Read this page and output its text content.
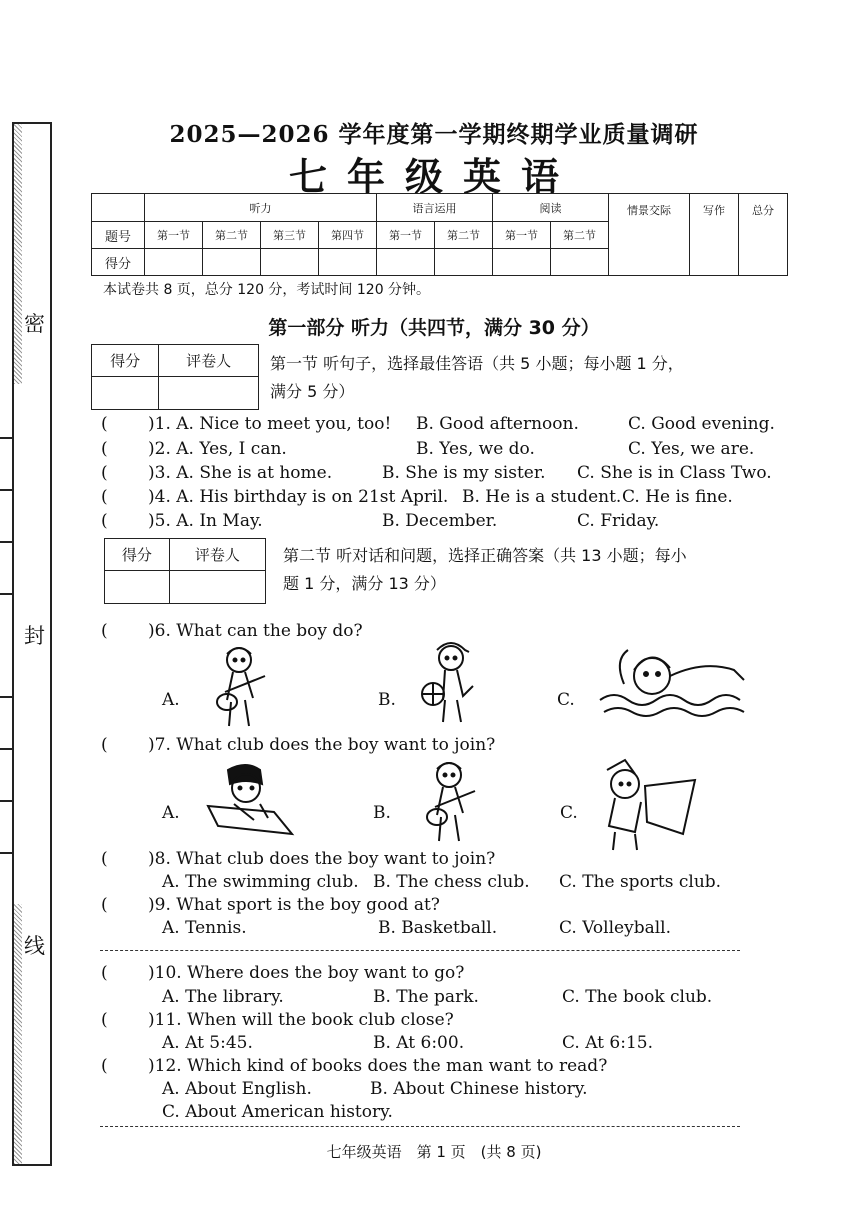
密
封
线
2025—2026 学年度第一学期终期学业质量调研
七年级英语
	听力				语言运用		阅读		情景交际	写作	总分
题号	第一节	第二节	第三节	第四节	第一节	第二节	第一节	第二节			
得分											
本试卷共 8 页，总分 120 分，考试时间 120 分钟。
第一部分 听力（共四节，满分 30 分）
得分	评卷人
	第一节 听句子，选择最佳答语（共 5 小题；每小题 1 分，
满分 5 分）
( )1. A. Nice to meet you, too! B. Good afternoon.	C. Good evening.
( )2. A. Yes, I can.	B. Yes, we do.	C. Yes, we are.
( )3. A. She is at home.	B. She is my sister. C. She is in Class Two.
( )4. A. His birthday is on 21st April. B. He is a student. C. He is fine.
( )5. A. In May.	B. December.	C. Friday.
得分	评卷人
		第二节 听对话和问题，选择正确答案（共 13 小题；每小
题 1 分，满分 13 分）
( )6. What can the boy do?
A.	B.	C.
( )7. What club does the boy want to join?
A.	B.	C.
( )8. What club does the boy want to join?
A. The swimming club. B. The chess club. C. The sports club.
( )9. What sport is the boy good at?
A. Tennis.	B. Basketball.	C. Volleyball.
( )10. Where does the boy want to go?
A. The library.	B. The park.	C. The book club.
( )11. When will the book club close?
A. At 5:45.	B. At 6:00.	C. At 6:15.
( )12. Which kind of books does the man want to read?
A. About English.	B. About Chinese history.
C. About American history.
七年级英语　第 1 页　(共 8 页)
